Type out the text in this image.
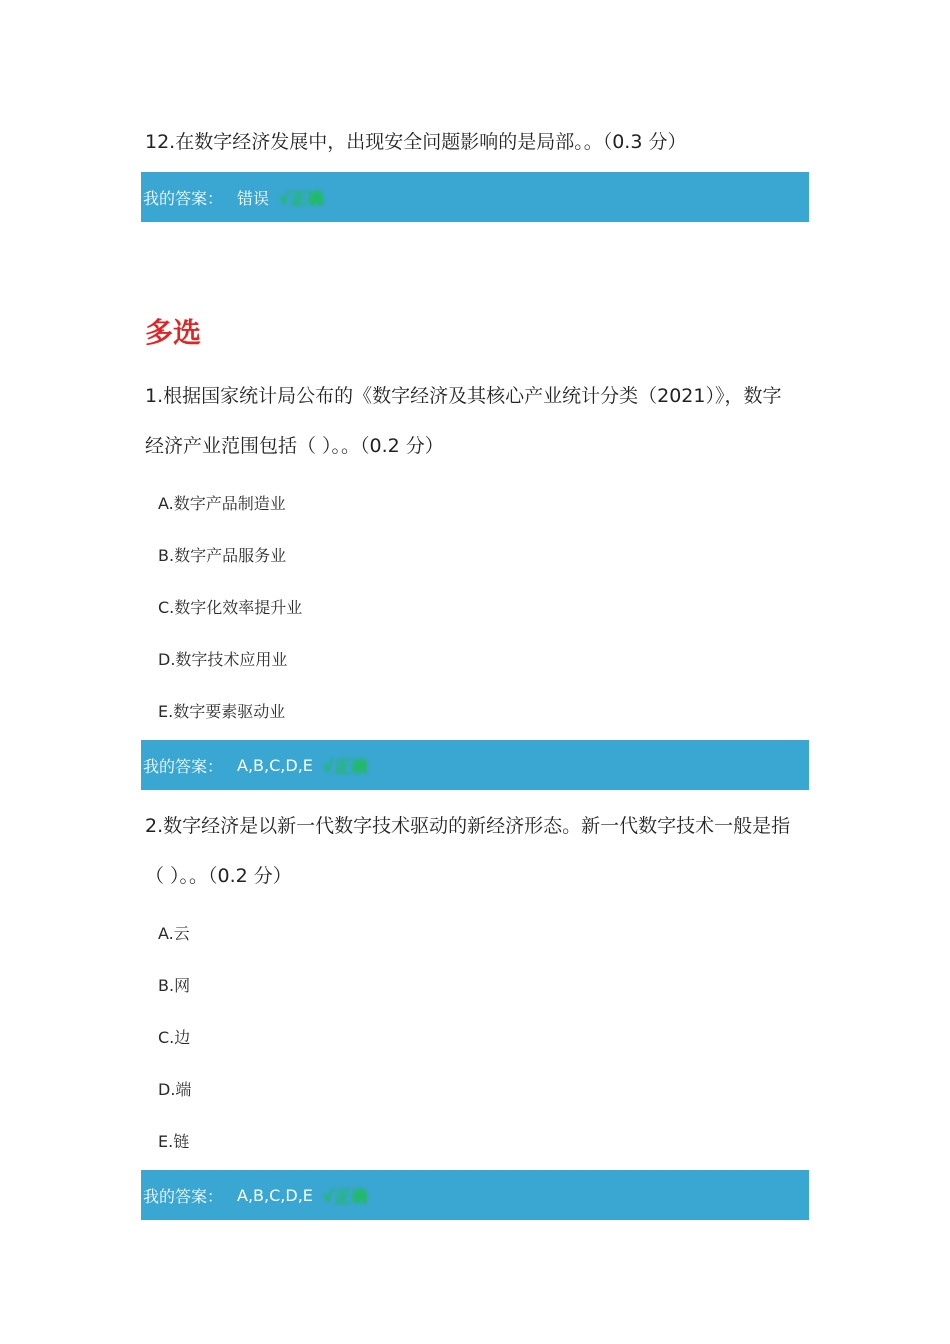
12.在数字经济发展中，出现安全问题影响的是局部。。（0.3 分）
我的答案： 错误 √正确
多选
1.根据国家统计局公布的《数字经济及其核心产业统计分类（2021）》，数字
经济产业范围包括（ ）。。（0.2 分）
A.数字产品制造业
B.数字产品服务业
C.数字化效率提升业
D.数字技术应用业
E.数字要素驱动业
我的答案： A,B,C,D,E √正确
2.数字经济是以新一代数字技术驱动的新经济形态。新一代数字技术一般是指
（ ）。。（0.2 分）
A.云
B.网
C.边
D.端
E.链
我的答案： A,B,C,D,E √正确
